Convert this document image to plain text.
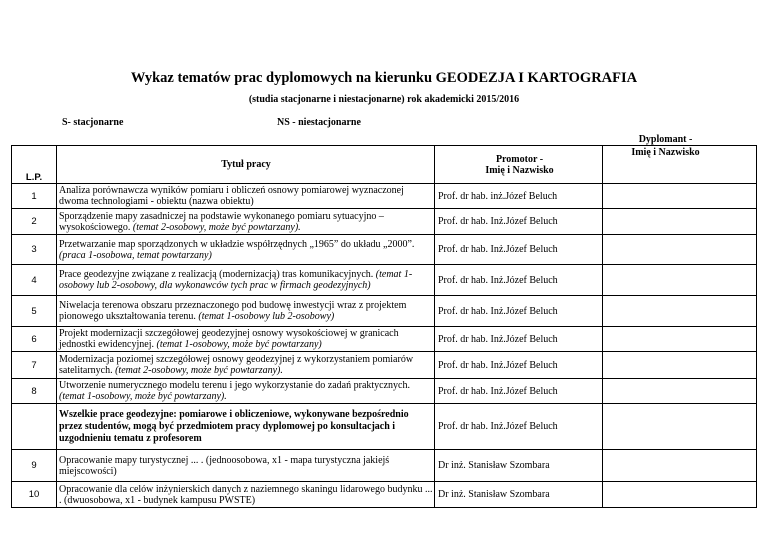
Wykaz tematów prac dyplomowych na kierunku GEODEZJA I KARTOGRAFIA
(studia stacjonarne i niestacjonarne) rok akademicki 2015/2016
S- stacjonarne	NS - niestacjonarne
L.P.	Tytuł pracy	Promotor -
Imię i Nazwisko	

1	Analiza porównawcza wyników pomiaru i obliczeń osnowy pomiarowej wyznaczonej dwoma technologiami - obiektu (nazwa obiektu)	Prof. dr hab. inż.Józef Beluch	
2	Sporządzenie mapy zasadniczej na podstawie wykonanego pomiaru sytuacyjno – wysokościowego. (temat 2-osobowy, może być powtarzany).	Prof. dr hab. Inż.Józef Beluch	
3	Przetwarzanie map sporządzonych w układzie współrzędnych „1965” do układu „2000”. (praca 1-osobowa, temat powtarzany)	Prof. dr hab. Inż.Józef Beluch	
4	Prace geodezyjne związane z realizacją (modernizacją) tras komunikacyjnych. (temat 1-osobowy lub 2-osobowy, dla wykonawców tych prac w firmach geodezyjnych)	Prof. dr hab. Inż.Józef Beluch	
5	Niwelacja terenowa obszaru przeznaczonego pod budowę inwestycji wraz z projektem pionowego ukształtowania terenu. (temat 1-osobowy lub 2-osobowy)	Prof. dr hab. Inż.Józef Beluch	
6	Projekt modernizacji szczegółowej geodezyjnej osnowy wysokościowej w granicach jednostki ewidencyjnej. (temat 1-osobowy, może być powtarzany)	Prof. dr hab. Inż.Józef Beluch	
7	Modernizacja poziomej szczegółowej osnowy geodezyjnej z wykorzystaniem pomiarów satelitarnych. (temat 2-osobowy, może być powtarzany).	Prof. dr hab. Inż.Józef Beluch	
8	Utworzenie numerycznego modelu terenu i jego wykorzystanie do zadań praktycznych. (temat 1-osobowy, może być powtarzany).	Prof. dr hab. Inż.Józef Beluch	
	Wszelkie prace geodezyjne: pomiarowe i obliczeniowe, wykonywane bezpośrednio przez studentów, mogą być przedmiotem pracy dyplomowej po konsultacjach i uzgodnieniu tematu z profesorem	Prof. dr hab. Inż.Józef Beluch	
9	Opracowanie mapy turystycznej ... . (jednoosobowa, x1 - mapa turystyczna jakiejś miejscowości)	Dr inż. Stanisław Szombara	
10	Opracowanie dla celów inżynierskich danych z naziemnego skaningu lidarowego budynku ... . (dwuosobowa, x1 - budynek kampusu PWSTE)	Dr inż. Stanisław Szombara	
Dyplomant -
Imię i Nazwisko
